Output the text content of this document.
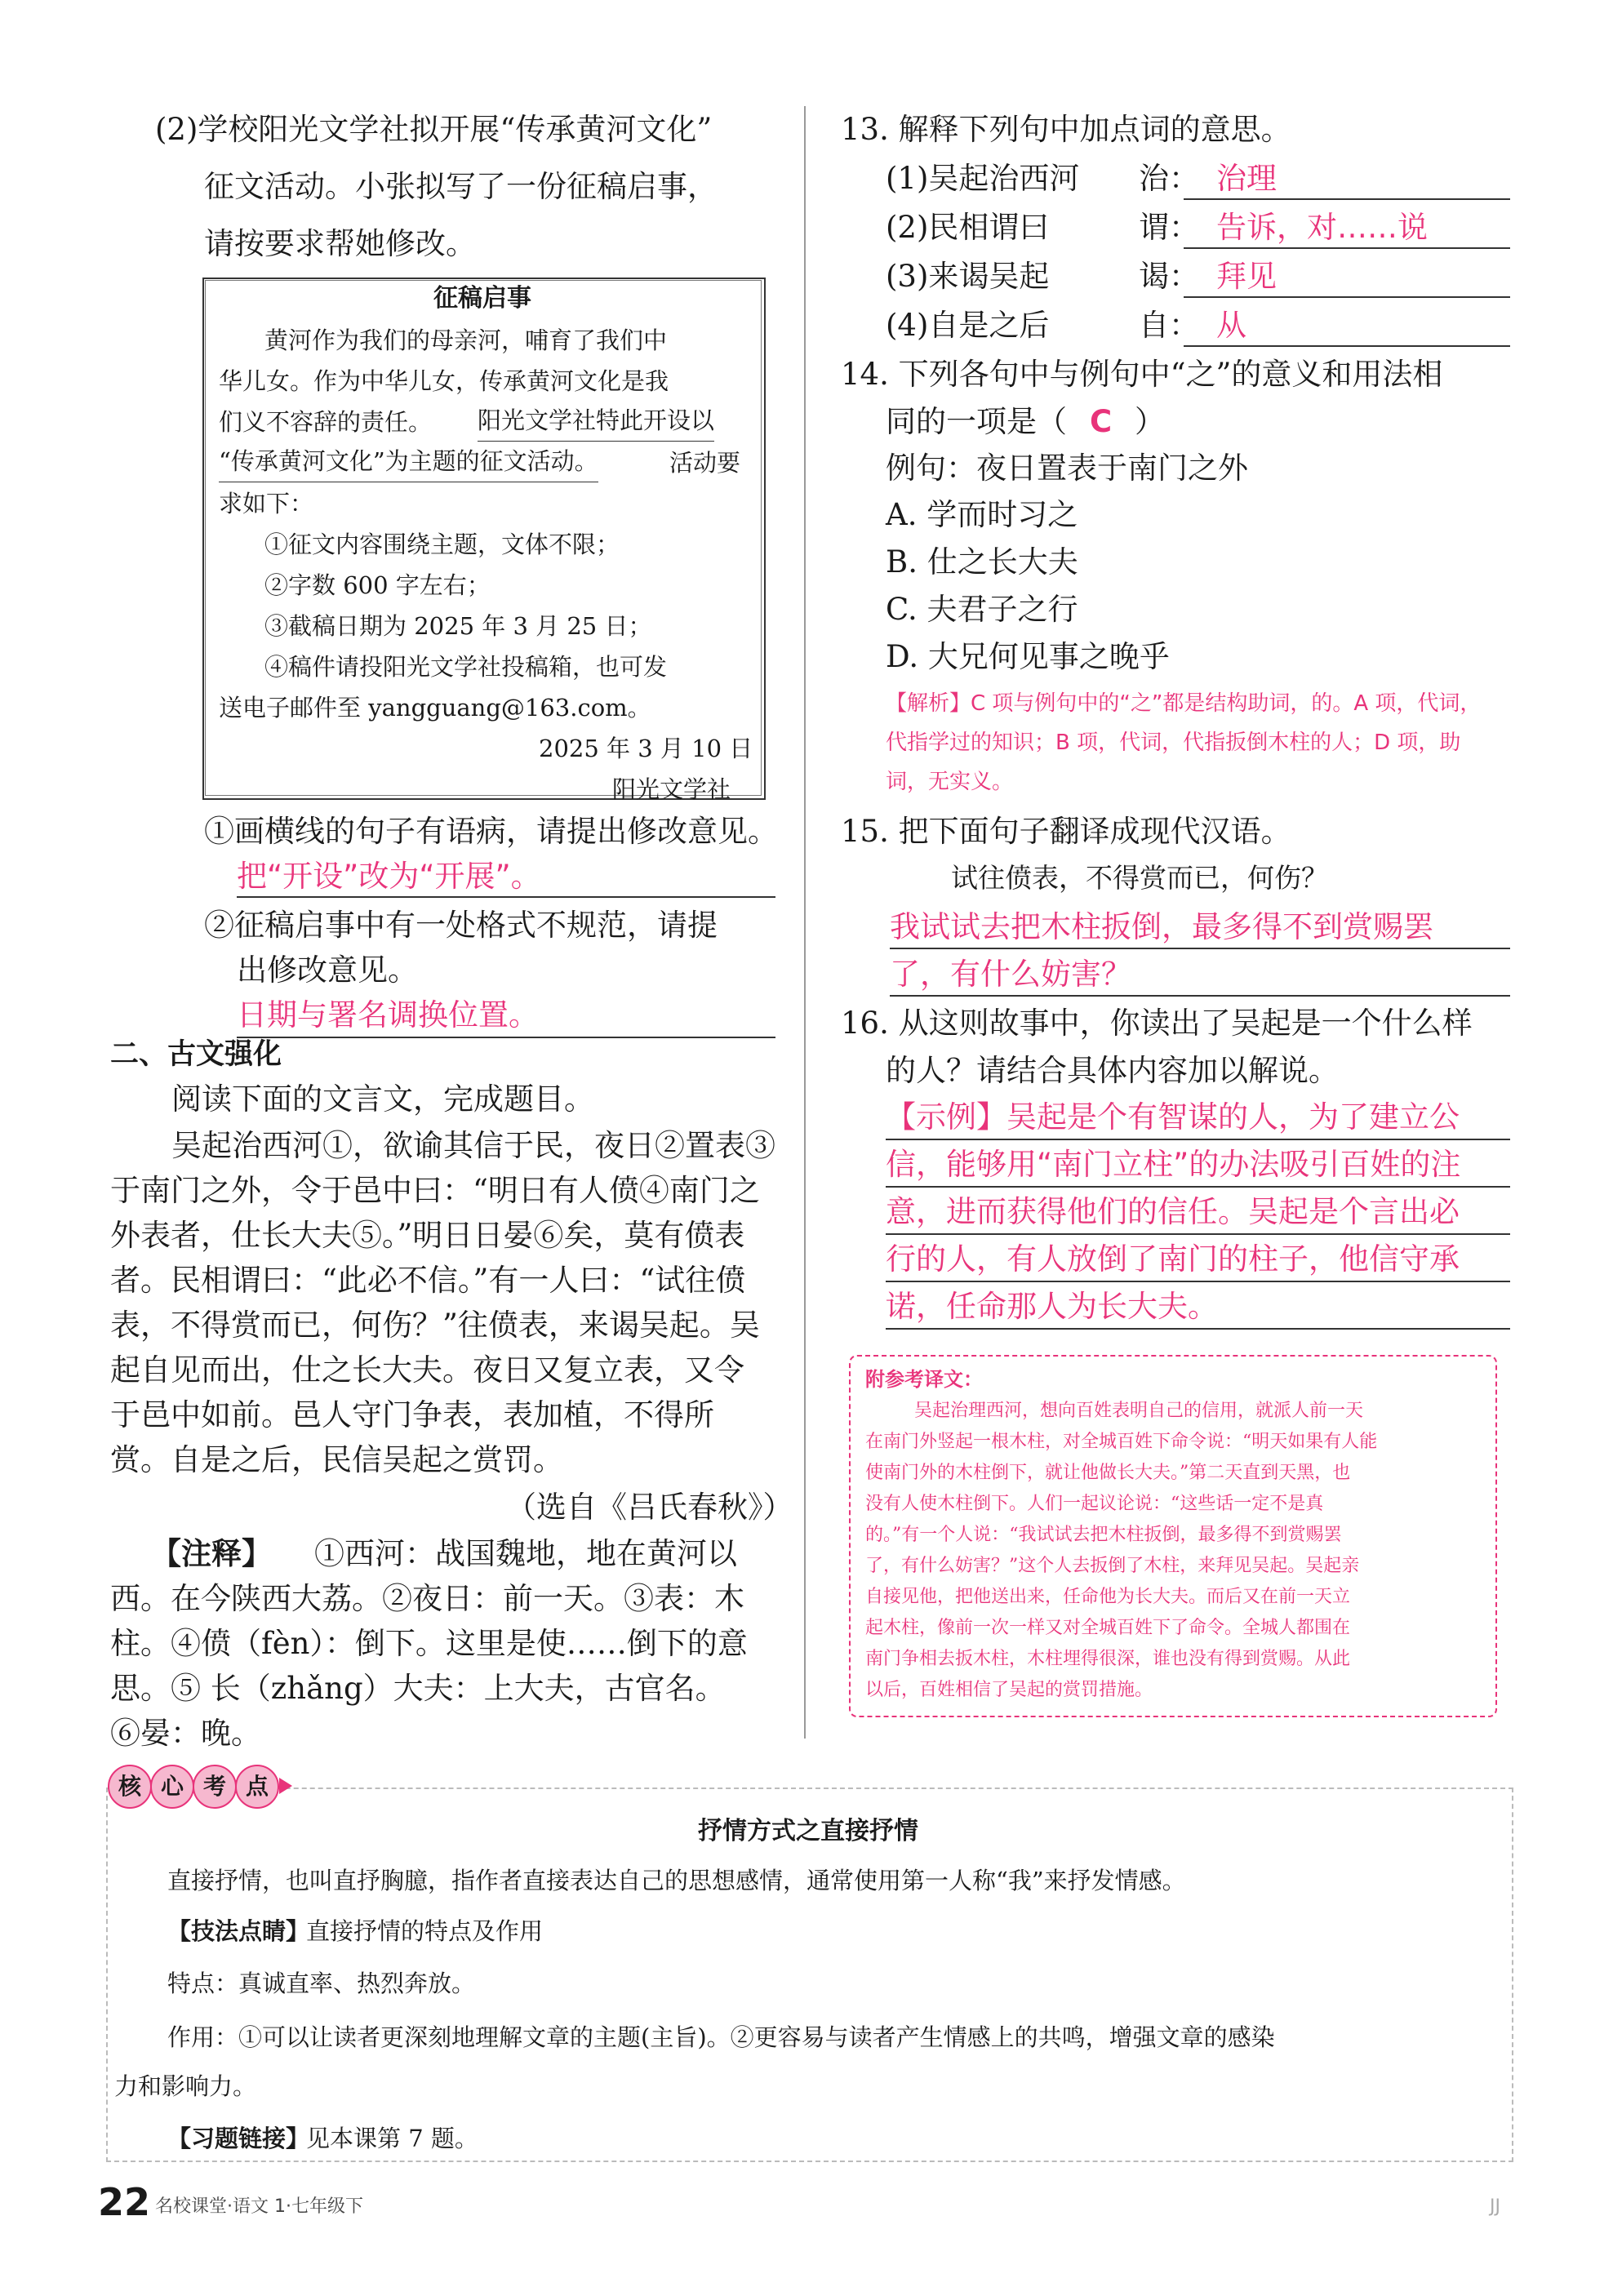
(2)学校阳光文学社拟开展“传承黄河文化”
征文活动。小张拟写了一份征稿启事，
请按要求帮她修改。
征稿启事
黄河作为我们的母亲河，哺育了我们中
华儿女。作为中华儿女，传承黄河文化是我
们义不容辞的责任。 阳光文学社特此开设以
“传承黄河文化”为主题的征文活动。	活动要
求如下：
①征文内容围绕主题，文体不限；
②字数 600 字左右；
③截稿日期为 2025 年 3 月 25 日；
④稿件请投阳光文学社投稿箱，也可发
送电子邮件至 yangguang@163.com。
2025 年 3 月 10 日
阳光文学社
①画横线的句子有语病，请提出修改意见。
把“开设”改为“开展”。
②征稿启事中有一处格式不规范，请提
出修改意见。
日期与署名调换位置。
二、古文强化
阅读下面的文言文，完成题目。
吴起治西河①，欲谕其信于民，夜日②置表③
于南门之外，令于邑中曰：“明日有人偾④南门之
外表者，仕长大夫⑤。”明日日晏⑥矣，莫有偾表
者。民相谓曰：“此必不信。”有一人曰：“试往偾
表，不得赏而已，何伤？”往偾表，来谒吴起。吴
起自见而出，仕之长大夫。夜日又复立表，又令
于邑中如前。邑人守门争表，表加植，不得所
赏。自是之后，民信吴起之赏罚。
（选自《吕氏春秋》）
【注释】 ①西河：战国魏地，地在黄河以
西。在今陕西大荔。②夜日：前一天。③表：木
柱。④偾（fèn）：倒下。这里是使……倒下的意
思。⑤ 长（zhǎng）大夫：上大夫，古官名。
⑥晏：晚。
13. 解释下列句中加点词的意思。
(1)吴起治西河 治： 治理
(2)民相谓曰	谓： 告诉，对……说
(3)来谒吴起	谒： 拜见
(4)自是之后	自： 从
14. 下列各句中与例句中“之”的意义和用法相
同的一项是（ C ）
例句：夜日置表于南门之外
A. 学而时习之
B. 仕之长大夫
C. 夫君子之行
D. 大兄何见事之晚乎
【解析】C 项与例句中的“之”都是结构助词，的。A 项，代词，
代指学过的知识；B 项，代词，代指扳倒木柱的人；D 项，助
词，无实义。
15. 把下面句子翻译成现代汉语。
试往偾表，不得赏而已，何伤？
我试试去把木柱扳倒，最多得不到赏赐罢
了，有什么妨害？
16. 从这则故事中，你读出了吴起是一个什么样
的人？请结合具体内容加以解说。
【示例】吴起是个有智谋的人，为了建立公
信，能够用“南门立柱”的办法吸引百姓的注
意，进而获得他们的信任。吴起是个言出必
行的人，有人放倒了南门的柱子，他信守承
诺，任命那人为长大夫。
附参考译文：
吴起治理西河，想向百姓表明自己的信用，就派人前一天
在南门外竖起一根木柱，对全城百姓下命令说：“明天如果有人能
使南门外的木柱倒下，就让他做长大夫。”第二天直到天黑，也
没有人使木柱倒下。人们一起议论说：“这些话一定不是真
的。”有一个人说：“我试试去把木柱扳倒，最多得不到赏赐罢
了，有什么妨害？”这个人去扳倒了木柱，来拜见吴起。吴起亲
自接见他，把他送出来，任命他为长大夫。而后又在前一天立
起木柱，像前一次一样又对全城百姓下了命令。全城人都围在
南门争相去扳木柱，木柱埋得很深，谁也没有得到赏赐。从此
以后，百姓相信了吴起的赏罚措施。
核 心 考 点
抒情方式之直接抒情
直接抒情，也叫直抒胸臆，指作者直接表达自己的思想感情，通常使用第一人称“我”来抒发情感。
【技法点睛】
直接抒情的特点及作用
特点：真诚直率、热烈奔放。
作用：①可以让读者更深刻地理解文章的主题(主旨)。②更容易与读者产生情感上的共鸣，增强文章的感染
力和影响力。
【习题链接】
见本课第 7 题。
22 名校课堂·语文 1·七年级下	JJ
